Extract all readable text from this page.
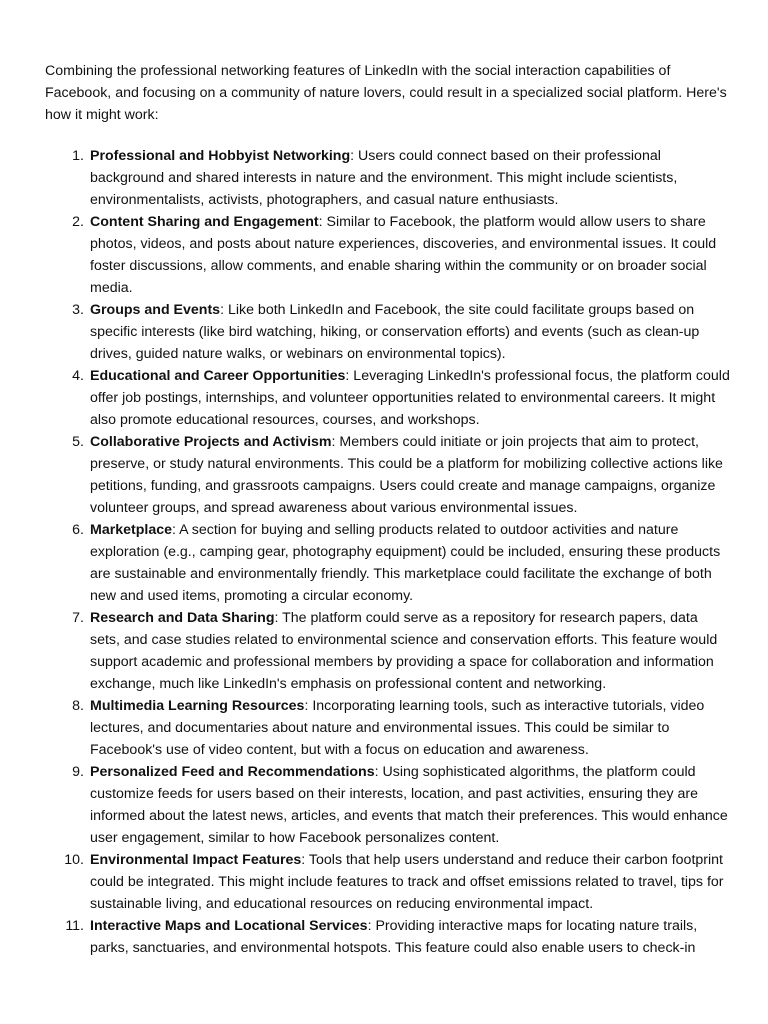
Combining the professional networking features of LinkedIn with the social interaction capabilities of Facebook, and focusing on a community of nature lovers, could result in a specialized social platform. Here's how it might work:

1. Professional and Hobbyist Networking: Users could connect based on their professional background and shared interests in nature and the environment. This might include scientists, environmentalists, activists, photographers, and casual nature enthusiasts.
2. Content Sharing and Engagement: Similar to Facebook, the platform would allow users to share photos, videos, and posts about nature experiences, discoveries, and environmental issues. It could foster discussions, allow comments, and enable sharing within the community or on broader social media.
3. Groups and Events: Like both LinkedIn and Facebook, the site could facilitate groups based on specific interests (like bird watching, hiking, or conservation efforts) and events (such as clean-up drives, guided nature walks, or webinars on environmental topics).
4. Educational and Career Opportunities: Leveraging LinkedIn's professional focus, the platform could offer job postings, internships, and volunteer opportunities related to environmental careers. It might also promote educational resources, courses, and workshops.
5. Collaborative Projects and Activism: Members could initiate or join projects that aim to protect, preserve, or study natural environments. This could be a platform for mobilizing collective actions like petitions, funding, and grassroots campaigns. Users could create and manage campaigns, organize volunteer groups, and spread awareness about various environmental issues.
6. Marketplace: A section for buying and selling products related to outdoor activities and nature exploration (e.g., camping gear, photography equipment) could be included, ensuring these products are sustainable and environmentally friendly. This marketplace could facilitate the exchange of both new and used items, promoting a circular economy.
7. Research and Data Sharing: The platform could serve as a repository for research papers, data sets, and case studies related to environmental science and conservation efforts. This feature would support academic and professional members by providing a space for collaboration and information exchange, much like LinkedIn's emphasis on professional content and networking.
8. Multimedia Learning Resources: Incorporating learning tools, such as interactive tutorials, video lectures, and documentaries about nature and environmental issues. This could be similar to Facebook's use of video content, but with a focus on education and awareness.
9. Personalized Feed and Recommendations: Using sophisticated algorithms, the platform could customize feeds for users based on their interests, location, and past activities, ensuring they are informed about the latest news, articles, and events that match their preferences. This would enhance user engagement, similar to how Facebook personalizes content.
10. Environmental Impact Features: Tools that help users understand and reduce their carbon footprint could be integrated. This might include features to track and offset emissions related to travel, tips for sustainable living, and educational resources on reducing environmental impact.
11. Interactive Maps and Locational Services: Providing interactive maps for locating nature trails, parks, sanctuaries, and environmental hotspots. This feature could also enable users to check-in
